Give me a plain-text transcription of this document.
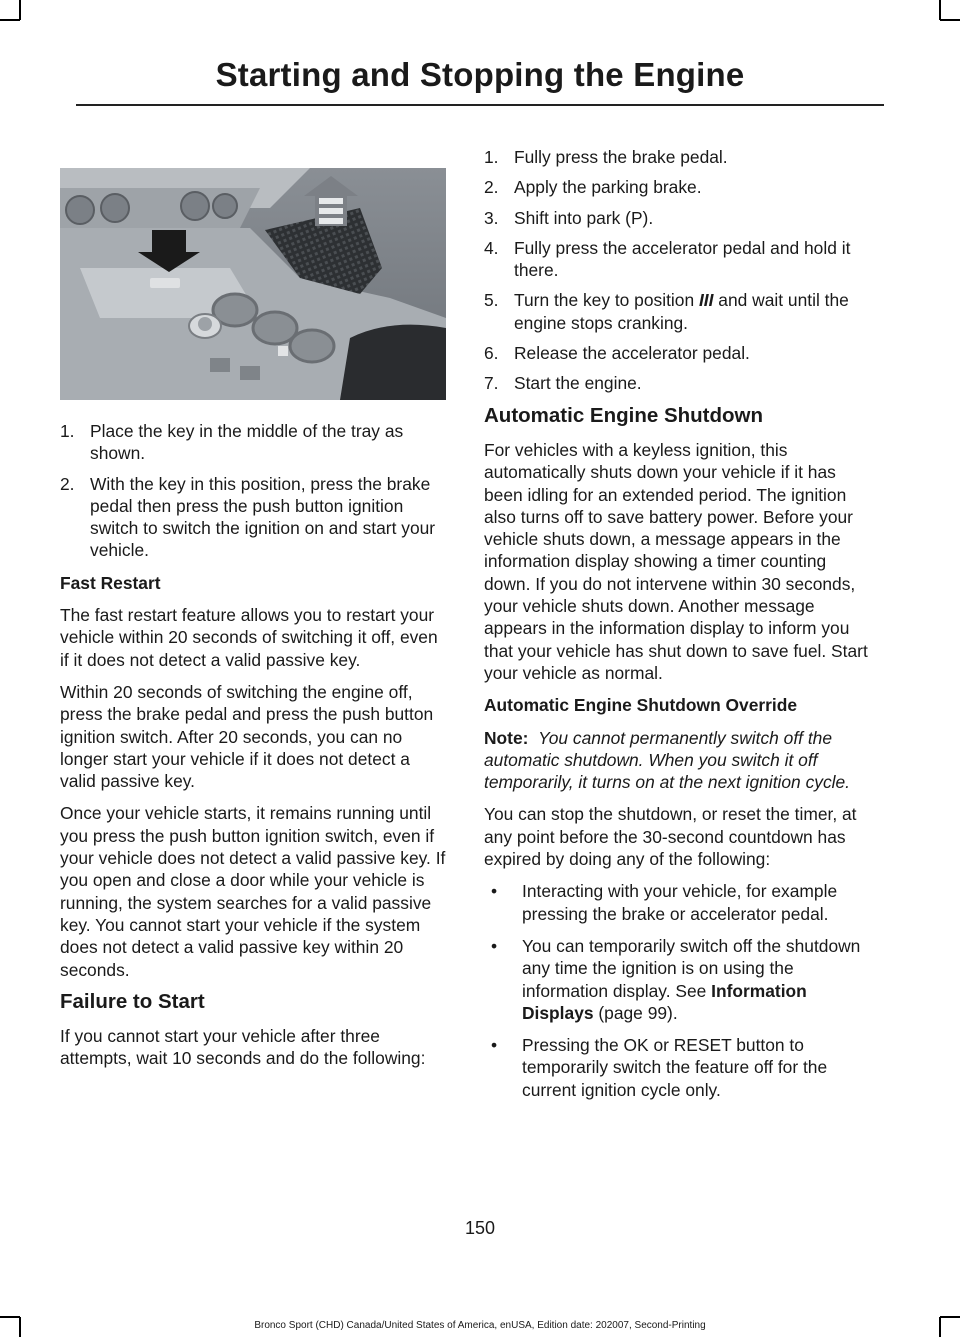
Starting and Stopping the Engine
1. Place the key in the middle of the tray as shown.
2. With the key in this position, press the brake pedal then press the push button ignition switch to switch the ignition on and start your vehicle.
Fast Restart

The fast restart feature allows you to restart your vehicle within 20 seconds of switching it off, even if it does not detect a valid passive key.

Within 20 seconds of switching the engine off, press the brake pedal and press the push button ignition switch. After 20 seconds, you can no longer start your vehicle if it does not detect a valid passive key.

Once your vehicle starts, it remains running until you press the push button ignition switch, even if your vehicle does not detect a valid passive key. If you open and close a door while your vehicle is running, the system searches for a valid passive key. You cannot start your vehicle if the system does not detect a valid passive key within 20 seconds.

Failure to Start

If you cannot start your vehicle after three attempts, wait 10 seconds and do the following:

1. Fully press the brake pedal.
2. Apply the parking brake.
3. Shift into park (P).
4. Fully press the accelerator pedal and hold it there.
5. Turn the key to position III and wait until the engine stops cranking.
6. Release the accelerator pedal.
7. Start the engine.
Automatic Engine Shutdown

For vehicles with a keyless ignition, this automatically shuts down your vehicle if it has been idling for an extended period. The ignition also turns off to save battery power. Before your vehicle shuts down, a message appears in the information display showing a timer counting down. If you do not intervene within 30 seconds, your vehicle shuts down. Another message appears in the information display to inform you that your vehicle has shut down to save fuel. Start your vehicle as normal.

Automatic Engine Shutdown Override

Note: You cannot permanently switch off the automatic shutdown. When you switch it off temporarily, it turns on at the next ignition cycle.

You can stop the shutdown, or reset the timer, at any point before the 30-second countdown has expired by doing any of the following:

• Interacting with your vehicle, for example pressing the brake or accelerator pedal.
• You can temporarily switch off the shutdown any time the ignition is on using the information display. See Information Displays (page 99).
• Pressing the OK or RESET button to temporarily switch the feature off for the current ignition cycle only.
150
Bronco Sport (CHD) Canada/United States of America, enUSA, Edition date: 202007, Second-Printing
